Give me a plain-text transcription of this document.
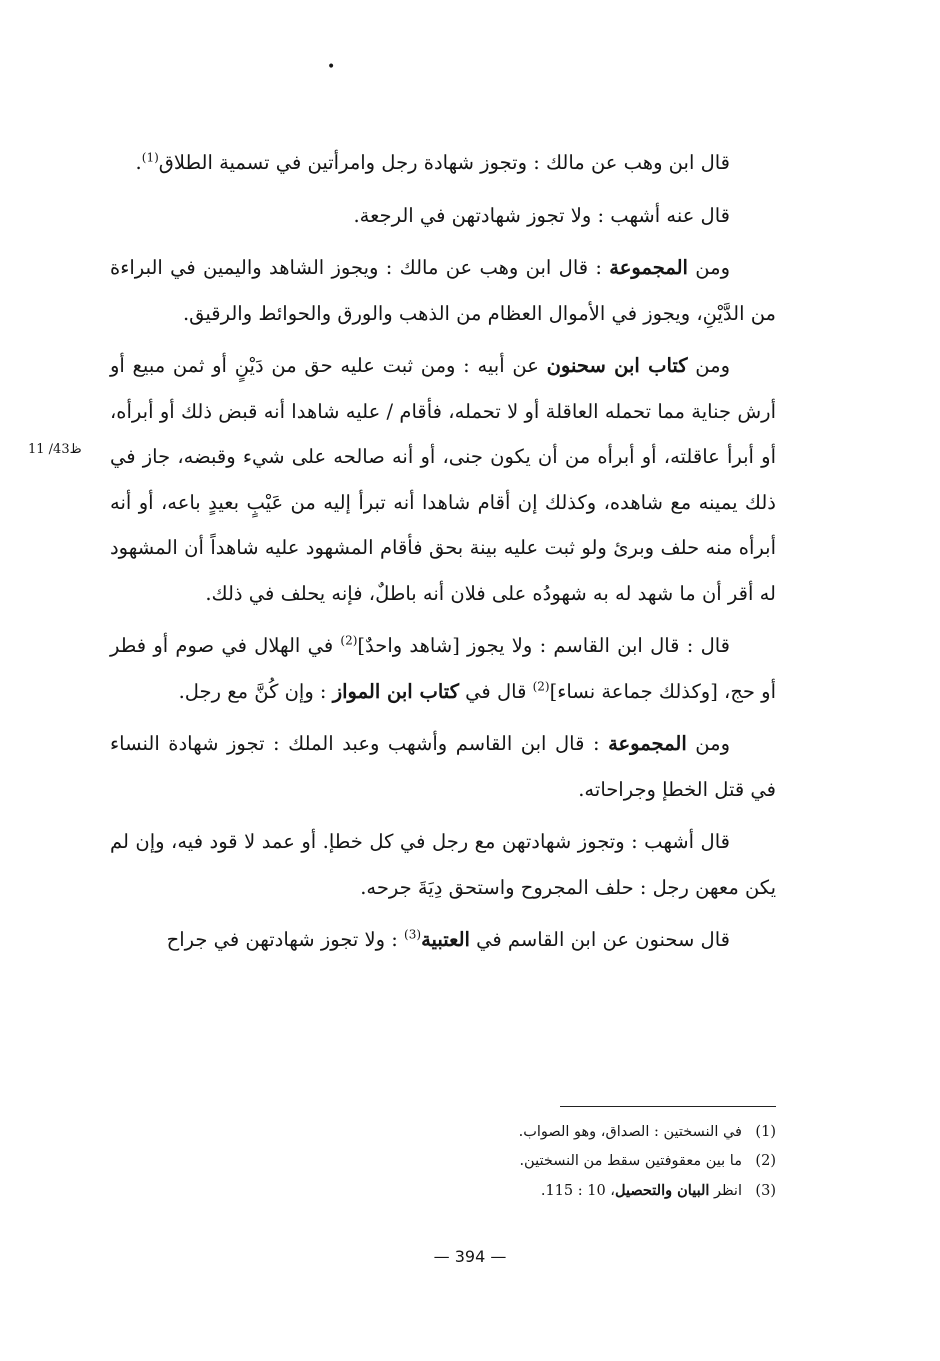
•
11 /43ظ

قال ابن وهب عن مالك : وتجوز شهادة رجل وامرأتين في تسمية الطلاق$^{(1)}$.

قال عنه أشهب : ولا تجوز شهادتهن في الرجعة.

ومن المجموعة : قال ابن وهب عن مالك : ويجوز الشاهد واليمين في البراءة من الدَّيْنِ، ويجوز في الأموال العظام من الذهب والورق والحوائط والرقيق.

ومن كتاب ابن سحنون عن أبيه : ومن ثبت عليه حق من دَيْنٍ أو ثمن مبيع أو أرش جناية مما تحمله العاقلة أو لا تحمله، فأقام / عليه شاهدا أنه قبض ذلك أو أبرأه، أو أبرأ عاقلته، أو أبرأه من أن يكون جنى، أو أنه صالحه على شيء وقبضه، جاز في ذلك يمينه مع شاهده، وكذلك إن أقام شاهدا أنه تبرأ إليه من عَيْبٍ بعيدٍ باعه، أو أنه أبرأه منه حلف وبرئ ولو ثبت عليه بينة بحق فأقام المشهود عليه شاهداً أن المشهود له أقر أن ما شهد له به شهودُه على فلان أنه باطلٌ، فإنه يحلف في ذلك.

قال : قال ابن القاسم : ولا يجوز [شاهد واحدٌ]$^{(2)}$ في الهلال في صوم أو فطر أو حج، [وكذلك جماعة نساء]$^{(2)}$ قال في كتاب ابن المواز : وإن كُنَّ مع رجل.

ومن المجموعة : قال ابن القاسم وأشهب وعبد الملك : تجوز شهادة النساء في قتل الخطإ وجراحاته.

قال أشهب : وتجوز شهادتهن مع رجل في كل خطإ. أو عمد لا قود فيه، وإن لم يكن معهن رجل : حلف المجروح واستحق دِيَةَ جرحه.

قال سحنون عن ابن القاسم في العتبية$^{(3)}$ : ولا تجوز شهادتهن في جراح

(1)في النسختين : الصداق، وهو الصواب.
(2)ما بين معقوفتين سقط من النسختين.
(3)انظر البيان والتحصيل، 10 : 115.
— 394 —
